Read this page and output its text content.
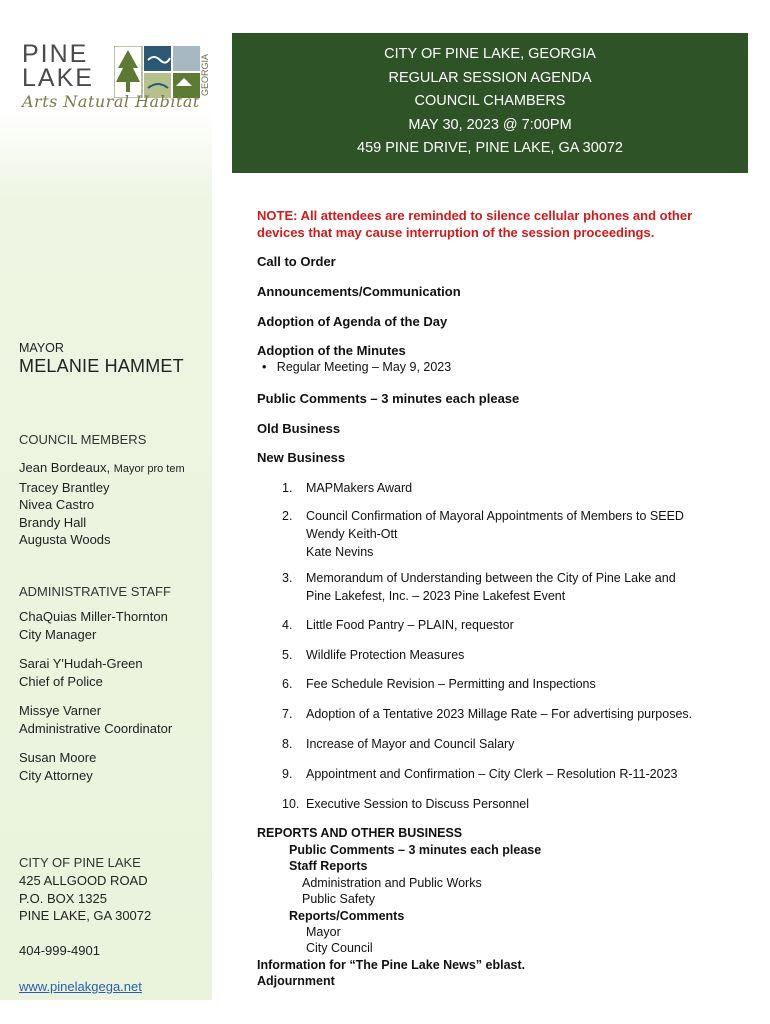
PINE
LAKE	GEORGIA
Arts Natural Habitat
MAYOR
MELANIE HAMMET
COUNCIL MEMBERS
Jean Bordeaux, Mayor pro tem
Tracey Brantley
Nivea Castro
Brandy Hall
Augusta Woods
ADMINISTRATIVE STAFF
ChaQuias Miller-Thornton
City Manager
Sarai Y'Hudah-Green
Chief of Police
Missye Varner
Administrative Coordinator
Susan Moore
City Attorney
CITY OF PINE LAKE
425 ALLGOOD ROAD
P.O. BOX 1325
PINE LAKE, GA 30072
404-999-4901
www.pinelakgega.net
CITY OF PINE LAKE, GEORGIA
REGULAR SESSION AGENDA
COUNCIL CHAMBERS
MAY 30, 2023 @ 7:00PM
459 PINE DRIVE, PINE LAKE, GA 30072
NOTE: All attendees are reminded to silence cellular phones and other devices that may cause interruption of the session proceedings.
Call to Order
Announcements/Communication
Adoption of Agenda of the Day
Adoption of the Minutes
•   Regular Meeting – May 9, 2023
Public Comments – 3 minutes each please
Old Business
New Business
1. MAPMakers Award
2. Council Confirmation of Mayoral Appointments of Members to SEED
Wendy Keith-Ott
Kate Nevins
3. Memorandum of Understanding between the City of Pine Lake and
Pine Lakefest, Inc. – 2023 Pine Lakefest Event
4. Little Food Pantry – PLAIN, requestor
5. Wildlife Protection Measures
6. Fee Schedule Revision – Permitting and Inspections
7. Adoption of a Tentative 2023 Millage Rate – For advertising purposes.
8. Increase of Mayor and Council Salary
9. Appointment and Confirmation – City Clerk – Resolution R-11-2023
10. Executive Session to Discuss Personnel
REPORTS AND OTHER BUSINESS
Public Comments – 3 minutes each please
Staff Reports
Administration and Public Works
Public Safety
Reports/Comments
Mayor
City Council
Information for “The Pine Lake News” eblast.
Adjournment
